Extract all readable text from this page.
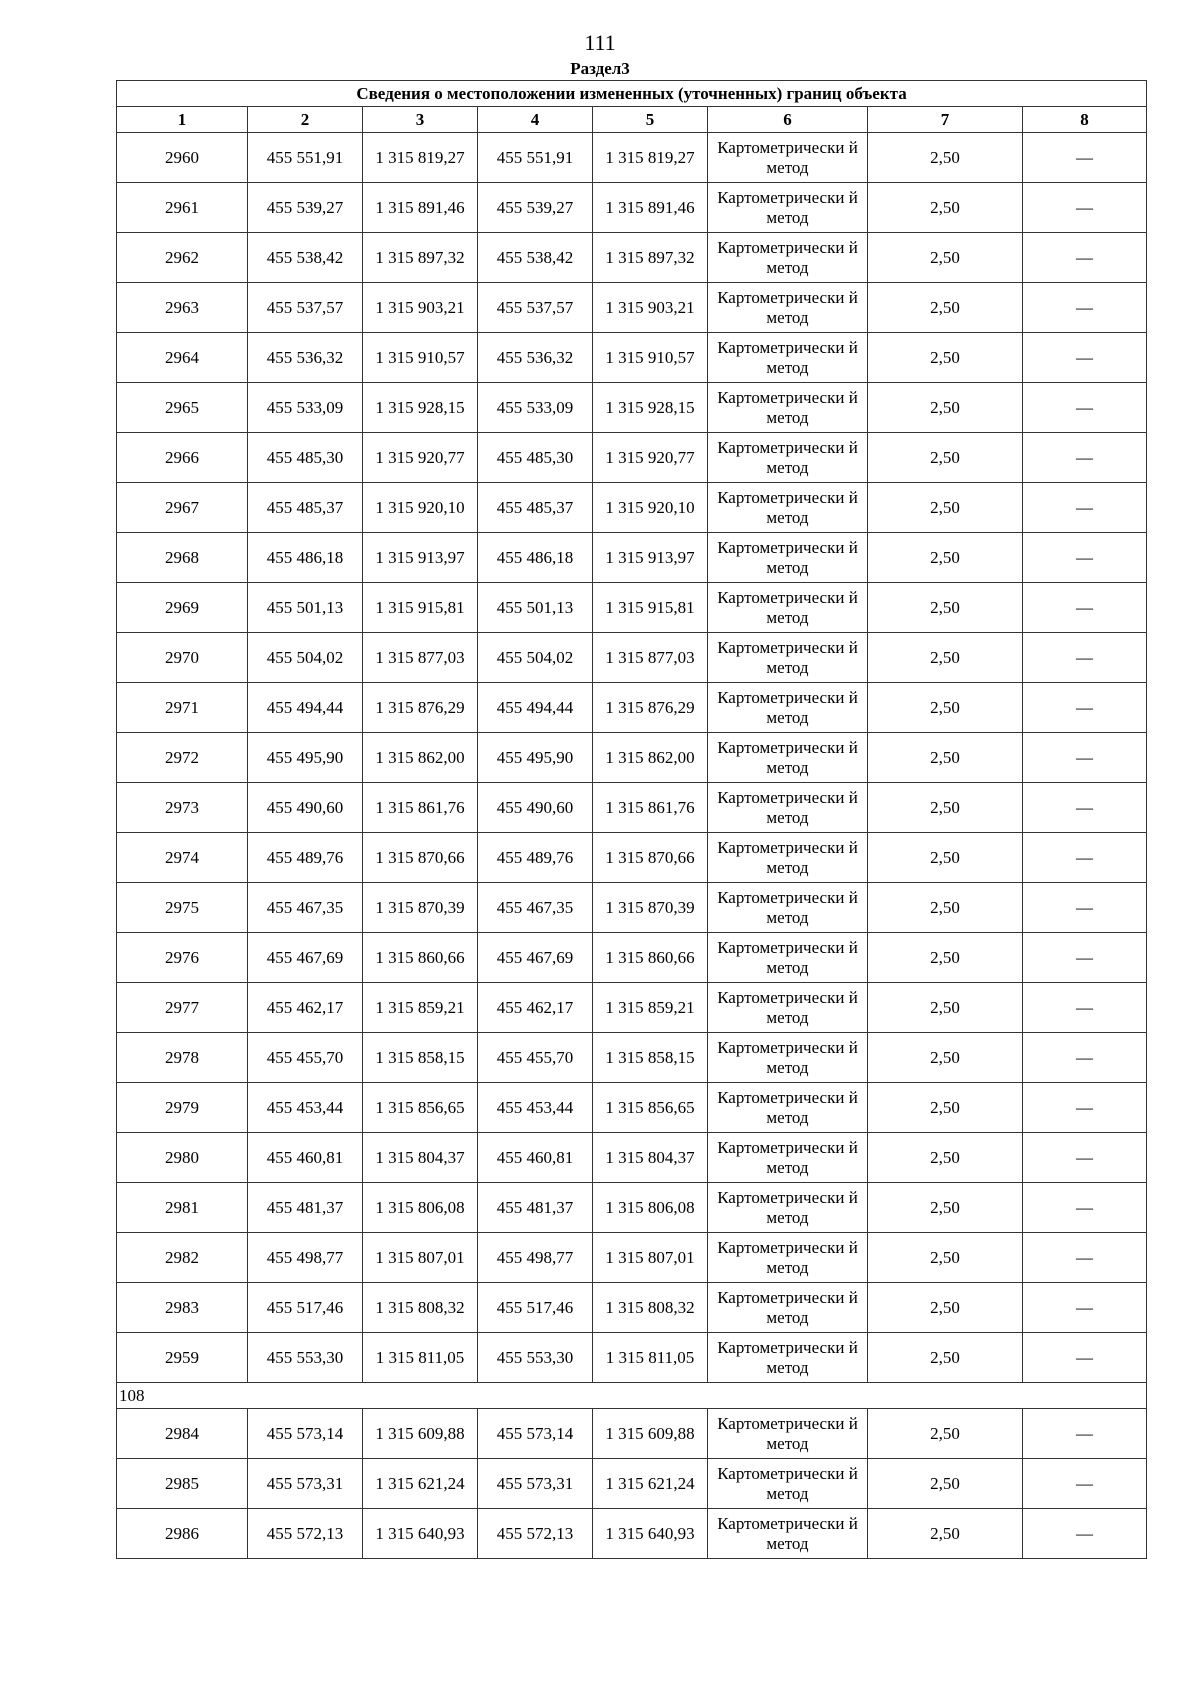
111
Раздел3
Сведения о местоположении измененных (уточненных) границ объекта							
1	2	3	4	5	6	7	8
2960	455 551,91	1 315 819,27	455 551,91	1 315 819,27	Картометрически й метод	2,50	—
2961	455 539,27	1 315 891,46	455 539,27	1 315 891,46	Картометрически й метод	2,50	—
2962	455 538,42	1 315 897,32	455 538,42	1 315 897,32	Картометрически й метод	2,50	—
2963	455 537,57	1 315 903,21	455 537,57	1 315 903,21	Картометрически й метод	2,50	—
2964	455 536,32	1 315 910,57	455 536,32	1 315 910,57	Картометрически й метод	2,50	—
2965	455 533,09	1 315 928,15	455 533,09	1 315 928,15	Картометрически й метод	2,50	—
2966	455 485,30	1 315 920,77	455 485,30	1 315 920,77	Картометрически й метод	2,50	—
2967	455 485,37	1 315 920,10	455 485,37	1 315 920,10	Картометрически й метод	2,50	—
2968	455 486,18	1 315 913,97	455 486,18	1 315 913,97	Картометрически й метод	2,50	—
2969	455 501,13	1 315 915,81	455 501,13	1 315 915,81	Картометрически й метод	2,50	—
2970	455 504,02	1 315 877,03	455 504,02	1 315 877,03	Картометрически й метод	2,50	—
2971	455 494,44	1 315 876,29	455 494,44	1 315 876,29	Картометрически й метод	2,50	—
2972	455 495,90	1 315 862,00	455 495,90	1 315 862,00	Картометрически й метод	2,50	—
2973	455 490,60	1 315 861,76	455 490,60	1 315 861,76	Картометрически й метод	2,50	—
2974	455 489,76	1 315 870,66	455 489,76	1 315 870,66	Картометрически й метод	2,50	—
2975	455 467,35	1 315 870,39	455 467,35	1 315 870,39	Картометрически й метод	2,50	—
2976	455 467,69	1 315 860,66	455 467,69	1 315 860,66	Картометрически й метод	2,50	—
2977	455 462,17	1 315 859,21	455 462,17	1 315 859,21	Картометрически й метод	2,50	—
2978	455 455,70	1 315 858,15	455 455,70	1 315 858,15	Картометрически й метод	2,50	—
2979	455 453,44	1 315 856,65	455 453,44	1 315 856,65	Картометрически й метод	2,50	—
2980	455 460,81	1 315 804,37	455 460,81	1 315 804,37	Картометрически й метод	2,50	—
2981	455 481,37	1 315 806,08	455 481,37	1 315 806,08	Картометрически й метод	2,50	—
2982	455 498,77	1 315 807,01	455 498,77	1 315 807,01	Картометрически й метод	2,50	—
2983	455 517,46	1 315 808,32	455 517,46	1 315 808,32	Картометрически й метод	2,50	—
2959	455 553,30	1 315 811,05	455 553,30	1 315 811,05	Картометрически й метод	2,50	—
108							
2984	455 573,14	1 315 609,88	455 573,14	1 315 609,88	Картометрически й метод	2,50	—
2985	455 573,31	1 315 621,24	455 573,31	1 315 621,24	Картометрически й метод	2,50	—
2986	455 572,13	1 315 640,93	455 572,13	1 315 640,93	Картометрически й метод	2,50	—
